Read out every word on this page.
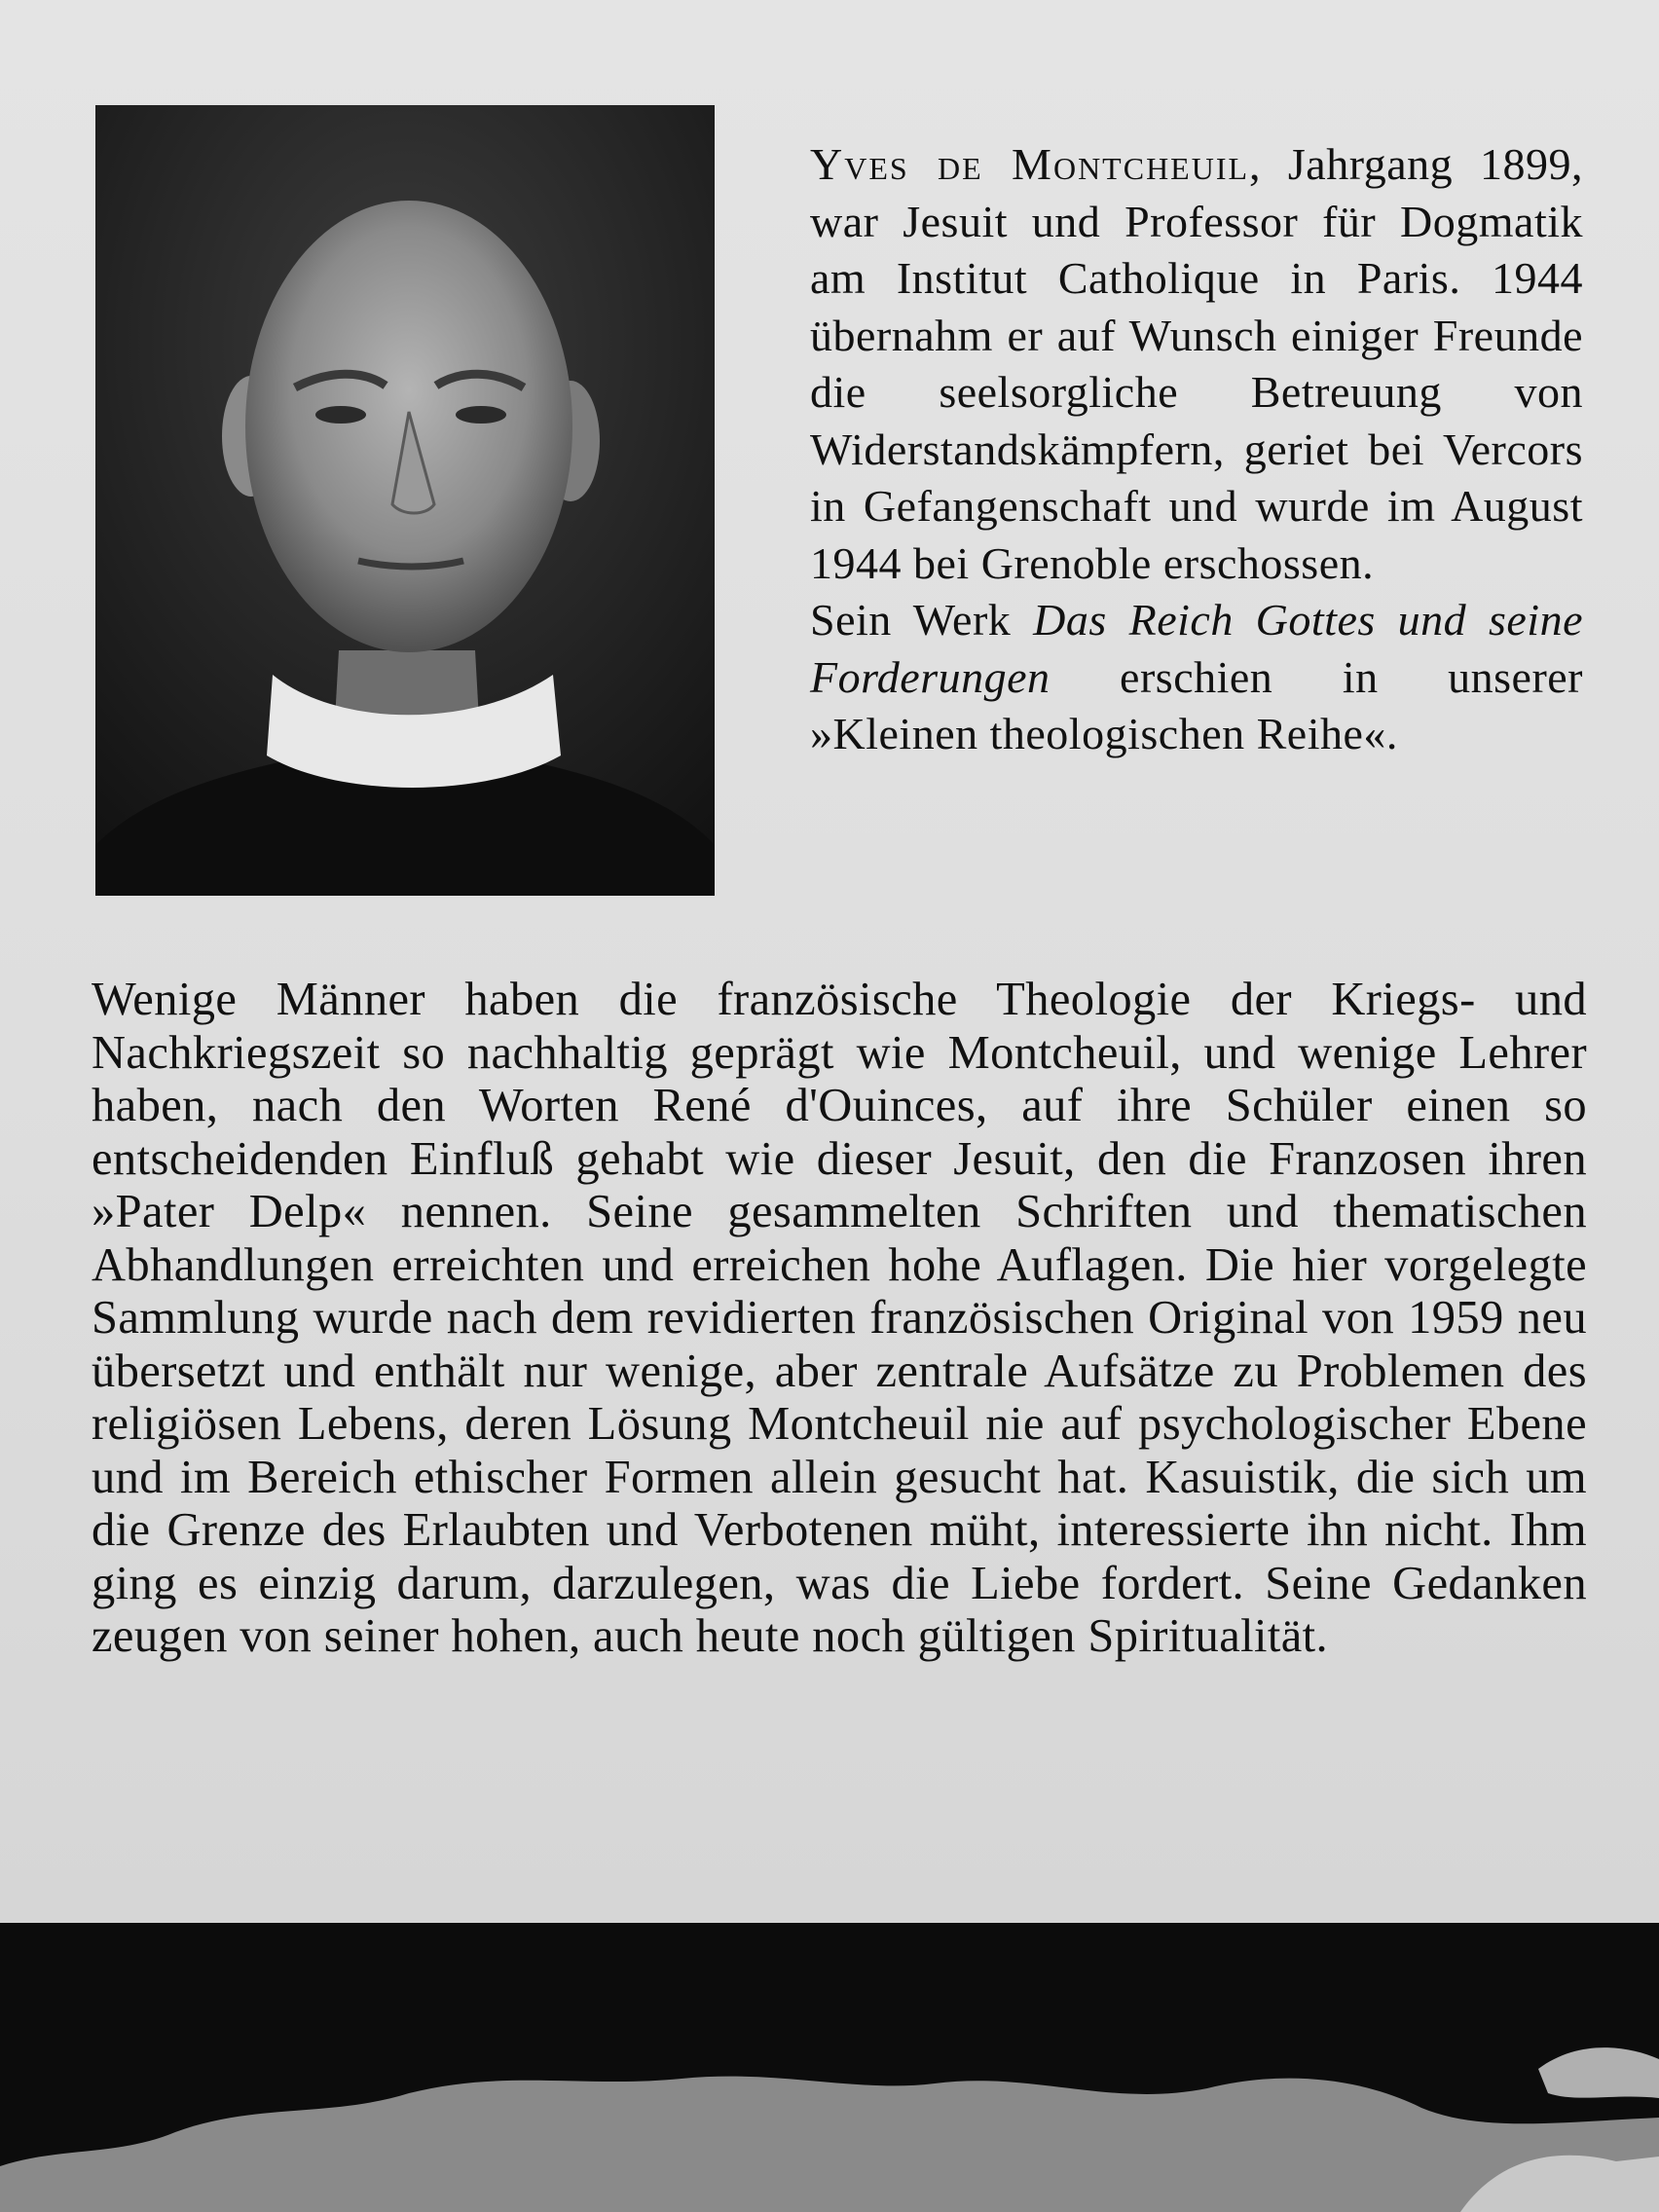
Yves de Montcheuil, Jahrgang 1899, war Jesuit und Professor für Dogmatik am Institut Catholique in Paris. 1944 übernahm er auf Wunsch einiger Freunde die seelsorgliche Betreuung von Widerstandskämpfern, geriet bei Vercors in Gefangenschaft und wurde im August 1944 bei Grenoble erschossen.

Sein Werk Das Reich Gottes und seine Forderungen erschien in unserer »Kleinen theologischen Reihe«.

Wenige Männer haben die französische Theologie der Kriegs- und Nachkriegszeit so nachhaltig geprägt wie Montcheuil, und wenige Lehrer haben, nach den Worten René d'Ouinces, auf ihre Schüler einen so entscheidenden Einfluß gehabt wie dieser Jesuit, den die Franzosen ihren »Pater Delp« nennen. Seine gesammelten Schriften und thematischen Abhandlungen erreichten und erreichen hohe Auflagen. Die hier vorgelegte Sammlung wurde nach dem revidierten französischen Original von 1959 neu übersetzt und enthält nur wenige, aber zentrale Aufsätze zu Problemen des religiösen Lebens, deren Lösung Montcheuil nie auf psychologischer Ebene und im Bereich ethischer Formen allein gesucht hat. Kasuistik, die sich um die Grenze des Erlaubten und Verbotenen müht, interessierte ihn nicht. Ihm ging es einzig darum, darzulegen, was die Liebe fordert. Seine Gedanken zeugen von seiner hohen, auch heute noch gültigen Spiritualität.
